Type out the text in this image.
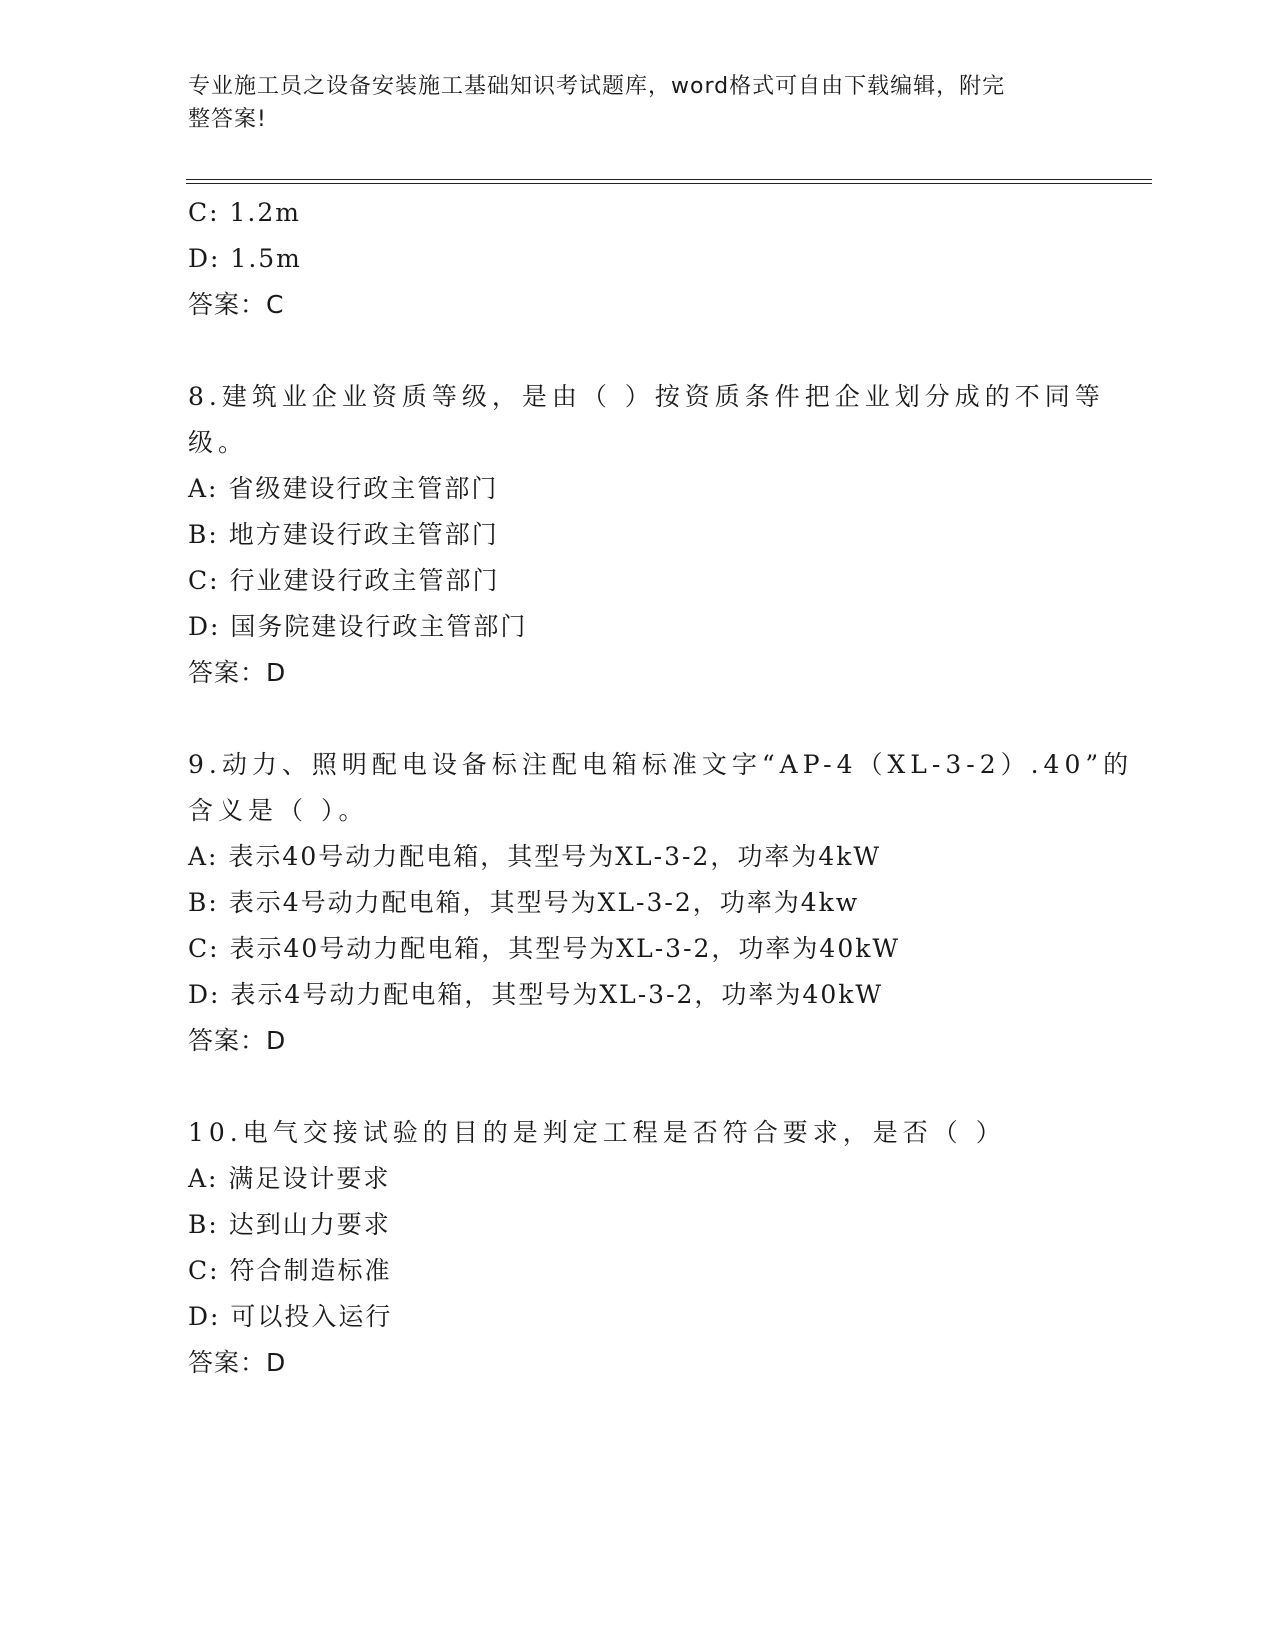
专业施工员之设备安装施工基础知识考试题库，word格式可自由下载编辑，附完
整答案!
C: 1.2m
D: 1.5m
答案：C
8.建筑业企业资质等级，是由（ ）按资质条件把企业划分成的不同等
级。
A: 省级建设行政主管部门
B: 地方建设行政主管部门
C: 行业建设行政主管部门
D: 国务院建设行政主管部门
答案：D
9.动力、照明配电设备标注配电箱标准文字“AP-4（XL-3-2）.40”的
含义是（ ）。
A: 表示40号动力配电箱，其型号为XL-3-2，功率为4kW
B: 表示4号动力配电箱，其型号为XL-3-2，功率为4kw
C: 表示40号动力配电箱，其型号为XL-3-2，功率为40kW
D: 表示4号动力配电箱，其型号为XL-3-2，功率为40kW
答案：D
10.电气交接试验的目的是判定工程是否符合要求，是否（ ）
A: 满足设计要求
B: 达到山力要求
C: 符合制造标准
D: 可以投入运行
答案：D
